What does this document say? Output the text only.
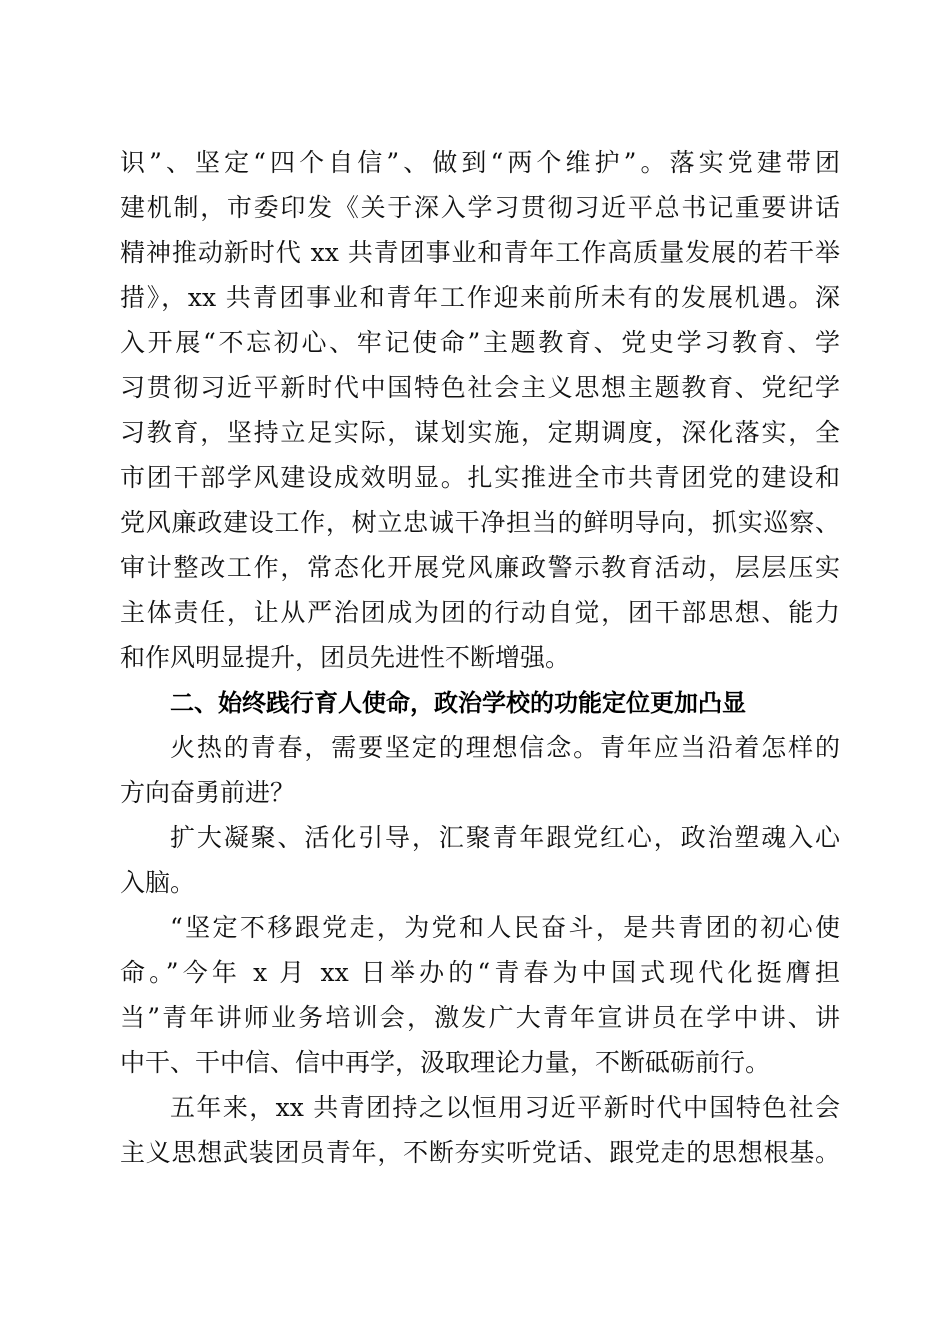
识”、坚定“四个自信”、做到“两个维护”。落实党建带团
建机制，市委印发《关于深入学习贯彻习近平总书记重要讲话
精神推动新时代 xx 共青团事业和青年工作高质量发展的若干举
措》，xx 共青团事业和青年工作迎来前所未有的发展机遇。深
入开展“不忘初心、牢记使命”主题教育、党史学习教育、学
习贯彻习近平新时代中国特色社会主义思想主题教育、党纪学
习教育，坚持立足实际，谋划实施，定期调度，深化落实，全
市团干部学风建设成效明显。扎实推进全市共青团党的建设和
党风廉政建设工作，树立忠诚干净担当的鲜明导向，抓实巡察、
审计整改工作，常态化开展党风廉政警示教育活动，层层压实
主体责任，让从严治团成为团的行动自觉，团干部思想、能力
和作风明显提升，团员先进性不断增强。
二、始终践行育人使命，政治学校的功能定位更加凸显
火热的青春，需要坚定的理想信念。青年应当沿着怎样的
方向奋勇前进？
扩大凝聚、活化引导，汇聚青年跟党红心，政治塑魂入心
入脑。
“坚定不移跟党走，为党和人民奋斗，是共青团的初心使
命。”今年 x 月 xx 日举办的“青春为中国式现代化挺膺担
当”青年讲师业务培训会，激发广大青年宣讲员在学中讲、讲
中干、干中信、信中再学，汲取理论力量，不断砥砺前行。
五年来，xx 共青团持之以恒用习近平新时代中国特色社会
主义思想武装团员青年，不断夯实听党话、跟党走的思想根基。
